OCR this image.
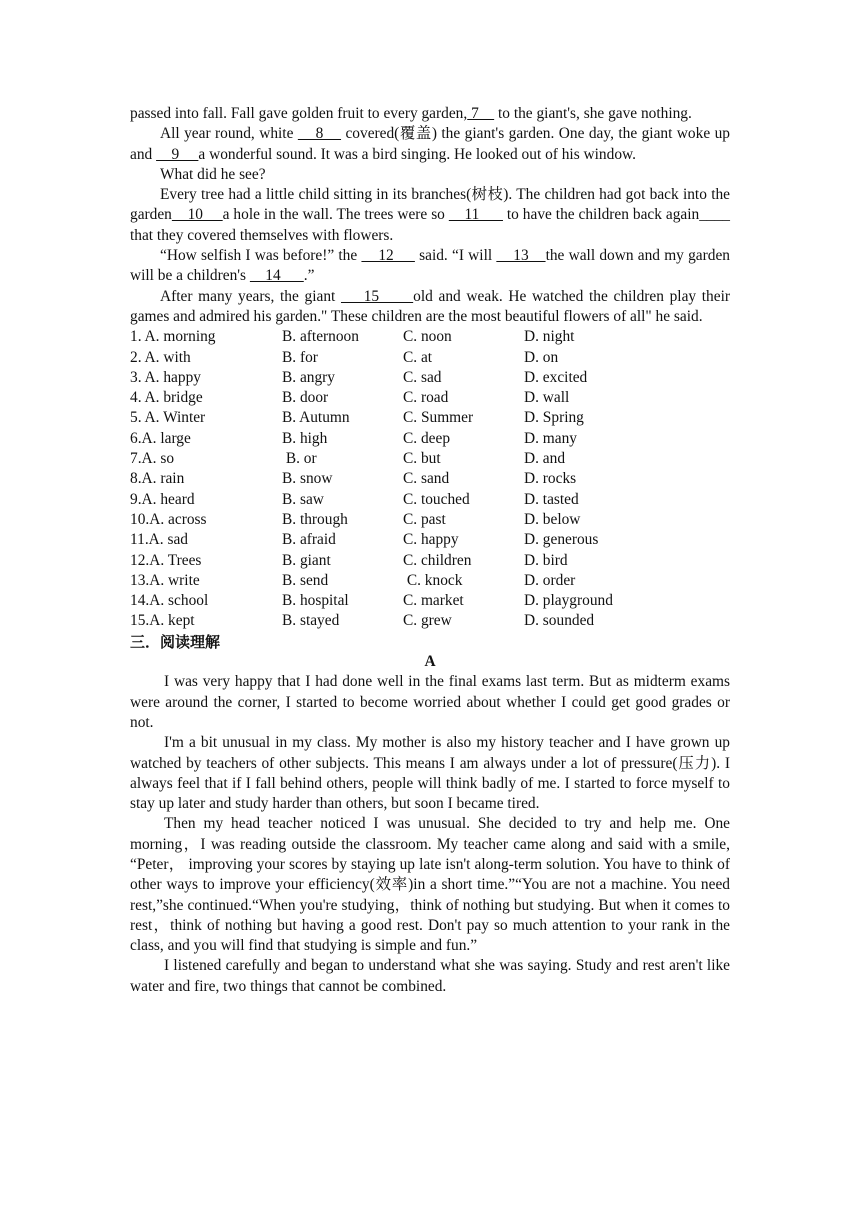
passed into fall. Fall gave golden fruit to every garden, 7     to the giant's, she gave nothing.

All year round, white     8     covered(覆盖) the giant's garden. One day, the giant woke up and     9     a wonderful sound. It was a bird singing. He looked out of his window.

What did he see?

Every tree had a little child sitting in its branches(树枝). The children had got back into the garden    10     a hole in the wall. The trees were so     11       to have the children back again____ that they covered themselves with flowers.

“How selfish I was before!” the     12      said. “I will     13    the wall down and my garden will be a children's     14      .”

After many years, the giant     15      old and weak. He watched the children play their games and admired his garden." These children are the most beautiful flowers of all" he said.

1. A. morning	B. afternoon	C. noon	D. night
2. A. with	B. for	C. at	D. on
3. A. happy	B. angry	C. sad	D. excited
4. A. bridge	B. door	C. road	D. wall
5. A. Winter	B. Autumn	C. Summer	D. Spring
6.A. large	B. high	C. deep	D. many
7.A. so	B. or	C. but	D. and
8.A. rain	B. snow	C. sand	D. rocks
9.A. heard	B. saw	C. touched	D. tasted
10.A. across	B. through	C. past	D. below
11.A. sad	B. afraid	C. happy	D. generous
12.A. Trees	B. giant	C. children	D. bird
13.A. write	B. send	C. knock	D. order
14.A. school	B. hospital	C. market	D. playground
15.A. kept	B. stayed	C. grew	D. sounded
三．阅读理解
A

I was very happy that I had done well in the final exams last term. But as midterm exams were around the corner, I started to become worried about whether I could get good grades or not.

I'm a bit unusual in my class. My mother is also my history teacher and I have grown up watched by teachers of other subjects. This means I am always under a lot of pressure(压力). I always feel that if I fall behind others, people will think badly of me. I started to force myself to stay up later and study harder than others, but soon I became tired.

Then my head teacher noticed I was unusual. She decided to try and help me. One morning，I was reading outside the classroom. My teacher came along and said with a smile, “Peter， improving your scores by staying up late isn't along-term solution. You have to think of other ways to improve your efficiency(效率)in a short time.”“You are not a machine. You need rest,”she continued.“When you're studying，think of nothing but studying. But when it comes to rest，think of nothing but having a good rest. Don't pay so much attention to your rank in the class, and you will find that studying is simple and fun.”

I listened carefully and began to understand what she was saying. Study and rest aren't like water and fire, two things that cannot be combined.
